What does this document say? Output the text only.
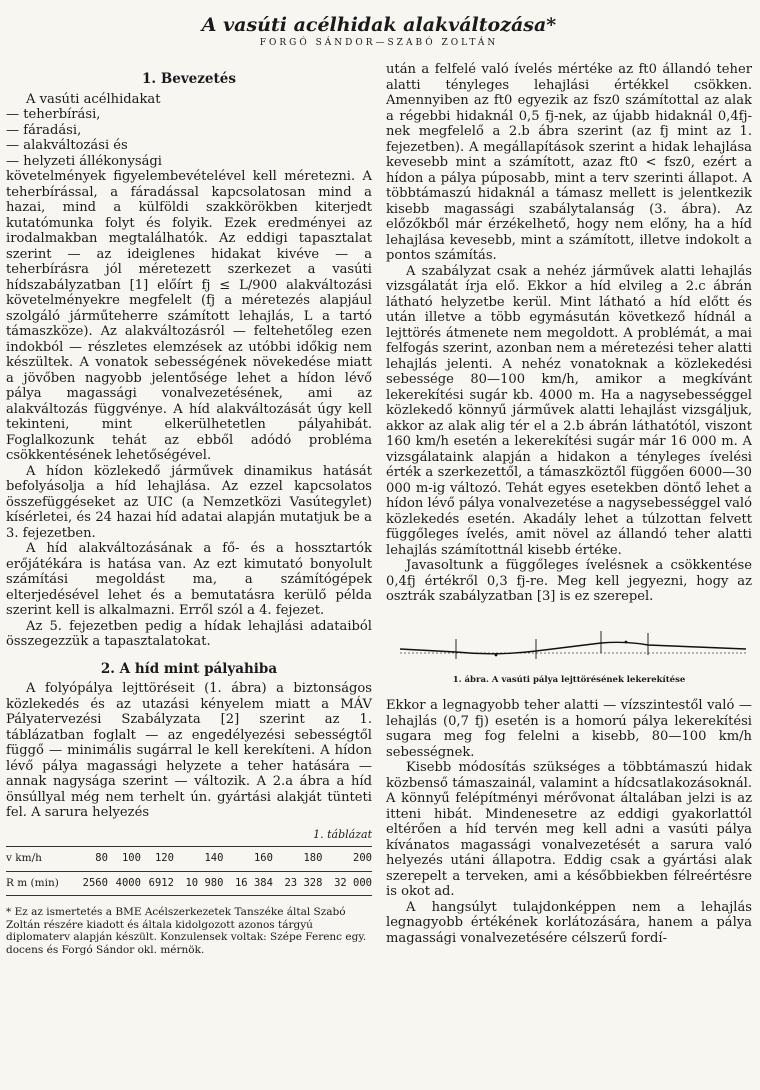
A vasúti acélhidak alakváltozása*
FORGÓ SÁNDOR—SZABÓ ZOLTÁN
1. Bevezetés

A vasúti acélhidakat

— teherbírási,
— fáradási,
— alakváltozási és
— helyzeti állékonysági

követelmények figyelembevételével kell méretezni. A teherbírással, a fáradással kapcsolatosan mind a hazai, mind a külföldi szakkörökben kiterjedt kutatómunka folyt és folyik. Ezek eredményei az irodalmakban megtalálhatók. Az eddigi tapasztalat szerint — az ideiglenes hidakat kivéve — a teherbírásra jól méretezett szerkezet a vasúti hídszabályzatban [1] előírt fj ≤ L/900 alakváltozási követelményekre megfelelt (fj a méretezés alapjául szolgáló járműteherre számított lehajlás, L a tartó támaszköze). Az alakváltozásról — feltehetőleg ezen indokból — részletes elemzések az utóbbi időkig nem készültek. A vonatok sebességének növekedése miatt a jövőben nagyobb jelentősége lehet a hídon lévő pálya magassági vonalvezetésének, ami az alakváltozás függvénye. A híd alakváltozását úgy kell tekinteni, mint elkerülhetetlen pályahibát. Foglalkozunk tehát az ebből adódó probléma csökkentésének lehetőségével.

A hídon közlekedő járművek dinamikus hatását befolyásolja a híd lehajlása. Az ezzel kapcsolatos összefüggéseket az UIC (a Nemzetközi Vasútegylet) kísérletei, és 24 hazai híd adatai alapján mutatjuk be a 3. fejezetben.

A híd alakváltozásának a fő- és a hossztartók erőjátékára is hatása van. Az ezt kimutató bonyolult számítási megoldást ma, a számítógépek elterjedésével lehet és a bemutatásra kerülő példa szerint kell is alkalmazni. Erről szól a 4. fejezet.

Az 5. fejezetben pedig a hídak lehajlási adataiból összegezzük a tapasztalatokat.

2. A híd mint pályahiba

A folyópálya lejttöréseit (1. ábra) a biztonságos közlekedés és az utazási kényelem miatt a MÁV Pályatervezési Szabályzata [2] szerint az 1. táblázatban foglalt — az engedélyezési sebességtől függő — minimális sugárral le kell kerekíteni. A hídon lévő pálya magassági helyzete a teher hatására — annak nagysága szerint — változik. A 2.a ábra a híd önsúllyal még nem terhelt ún. gyártási alakját tünteti fel. A sarura helyezés

1. táblázat
v km/h	80	100	120	140	160	180	200
R m (min)	2560	4000	6912	10 980	16 384	23 328	32 000
* Ez az ismertetés a BME Acélszerkezetek Tanszéke által Szabó Zoltán részére kiadott és általa kidolgozott azonos tárgyú diplomaterv alapján készült. Konzulensek voltak: Szépe Ferenc egy. docens és Forgó Sándor okl. mérnök.

után a felfelé való ívelés mértéke az ft0 állandó teher alatti tényleges lehajlási értékkel csökken. Amennyiben az ft0 egyezik az fsz0 számítottal az alak a régebbi hidaknál 0,5 fj-nek, az újabb hidaknál 0,4fj-nek megfelelő a 2.b ábra szerint (az fj mint az 1. fejezetben). A megállapítások szerint a hidak lehajlása kevesebb mint a számított, azaz ft0 < fsz0, ezért a hídon a pálya púposabb, mint a terv szerinti állapot. A többtámaszú hidaknál a támasz mellett is jelentkezik kisebb magassági szabálytalanság (3. ábra). Az előzőkből már érzékelhető, hogy nem előny, ha a híd lehajlása kevesebb, mint a számított, illetve indokolt a pontos számítás.

A szabályzat csak a nehéz járművek alatti lehajlás vizsgálatát írja elő. Ekkor a híd elvileg a 2.c ábrán látható helyzetbe kerül. Mint látható a híd előtt és után illetve a több egymásután következő hídnál a lejttörés átmenete nem megoldott. A problémát, a mai felfogás szerint, azonban nem a méretezési teher alatti lehajlás jelenti. A nehéz vonatoknak a közlekedési sebessége 80—100 km/h, amikor a megkívánt lekerekítési sugár kb. 4000 m. Ha a nagysebességgel közlekedő könnyű járművek alatti lehajlást vizsgáljuk, akkor az alak alig tér el a 2.b ábrán láthatótól, viszont 160 km/h esetén a lekerekítési sugár már 16 000 m. A vizsgálataink alapján a hidakon a tényleges ívelési érték a szerkezettől, a támaszköztől függően 6000—30 000 m-ig változó. Tehát egyes esetekben döntő lehet a hídon lévő pálya vonalvezetése a nagysebességgel való közlekedés esetén. Akadály lehet a túlzottan felvett függőleges ívelés, amit növel az állandó teher alatti lehajlás számítottnál kisebb értéke.

Javasoltunk a függőleges ívelésnek a csökkentése 0,4fj értékről 0,3 fj-re. Meg kell jegyezni, hogy az osztrák szabályzatban [3] is ez szerepel.

1. ábra. A vasúti pálya lejttörésének lekerekítése

Ekkor a legnagyobb teher alatti — vízszintestől való — lehajlás (0,7 fj) esetén is a homorú pálya lekerekítési sugara meg fog felelni a kisebb, 80—100 km/h sebességnek.

Kisebb módosítás szükséges a többtámaszú hidak közbenső támaszainál, valamint a hídcsatlakozásoknál. A könnyű felépítményi mérővonat általában jelzi is az itteni hibát. Mindenesetre az eddigi gyakorlattól eltérően a híd tervén meg kell adni a vasúti pálya kívánatos magassági vonalvezetését a sarura való helyezés utáni állapotra. Eddig csak a gyártási alak szerepelt a terveken, ami a későbbiekben félreértésre is okot ad.

A hangsúlyt tulajdonképpen nem a lehajlás legnagyobb értékének korlátozására, hanem a pálya magassági vonalvezetésére célszerű fordí-
